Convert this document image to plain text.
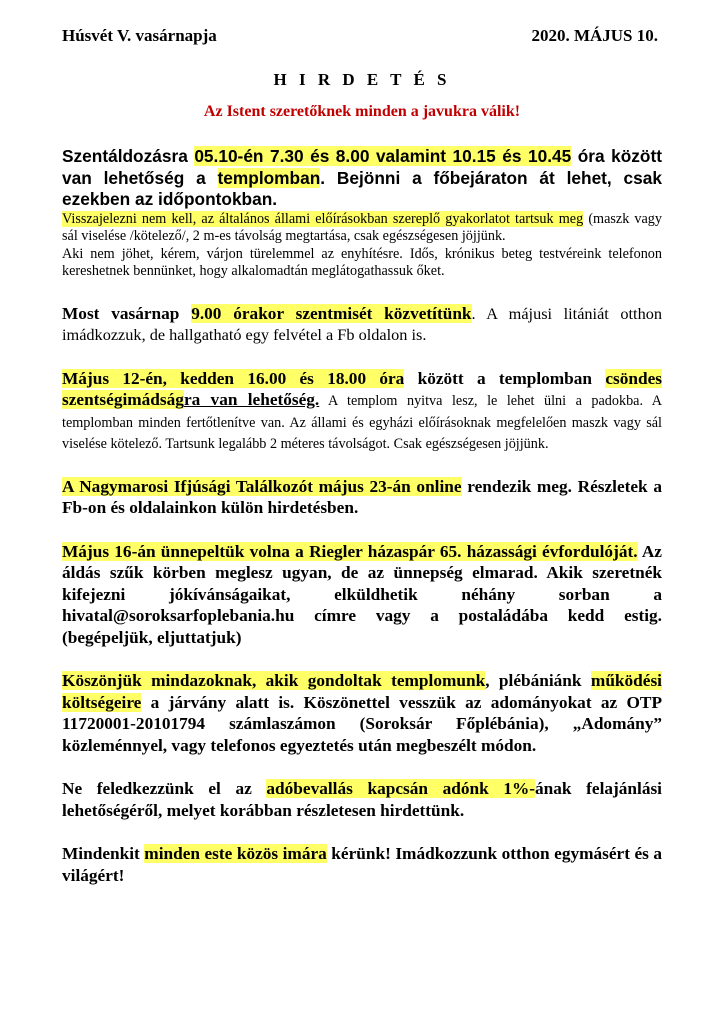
Húsvét V. vasárnapja	2020. MÁJUS 10.
H I R D E T É S
Az Istent szeretőknek minden a javukra válik!

Szentáldozásra 05.10-én 7.30 és 8.00 valamint 10.15 és 10.45 óra között van lehetőség a templomban. Bejönni a főbejáraton át lehet, csak ezekben az időpontokban.

Visszajelezni nem kell, az általános állami előírásokban szereplő gyakorlatot tartsuk meg (maszk vagy sál viselése /kötelező/, 2 m-es távolság megtartása, csak egészségesen jöjjünk.

Aki nem jöhet, kérem, várjon türelemmel az enyhítésre. Idős, krónikus beteg testvéreink telefonon kereshetnek bennünket, hogy alkalomadtán meglátogathassuk őket.

Most vasárnap 9.00 órakor szentmisét közvetítünk. A májusi litániát otthon imádkozzuk, de hallgatható egy felvétel a Fb oldalon is.

Május 12-én, kedden 16.00 és 18.00 óra között a templomban csöndes szentségimádságra van lehetőség. A templom nyitva lesz, le lehet ülni a padokba. A templomban minden fertőtlenítve van. Az állami és egyházi előírásoknak megfelelően maszk vagy sál viselése kötelező. Tartsunk legalább 2 méteres távolságot. Csak egészségesen jöjjünk.

A Nagymarosi Ifjúsági Találkozót május 23-án online rendezik meg. Részletek a Fb-on és oldalainkon külön hirdetésben.

Május 16-án ünnepeltük volna a Riegler házaspár 65. házassági évfordulóját. Az áldás szűk körben meglesz ugyan, de az ünnepség elmarad. Akik szeretnék kifejezni jókívánságaikat, elküldhetik néhány sorban a hivatal@soroksarfoplebania.hu címre vagy a postaládába kedd estig. (begépeljük, eljuttatjuk)

Köszönjük mindazoknak, akik gondoltak templomunk, plébániánk működési költségeire a járvány alatt is. Köszönettel vesszük az adományokat az OTP 11720001-20101794 számlaszámon (Soroksár Főplébánia), „Adomány” közleménnyel, vagy telefonos egyeztetés után megbeszélt módon.

Ne feledkezzünk el az adóbevallás kapcsán adónk 1%-ának felajánlási lehetőségéről, melyet korábban részletesen hirdettünk.

Mindenkit minden este közös imára kérünk! Imádkozzunk otthon egymásért és a világért!
